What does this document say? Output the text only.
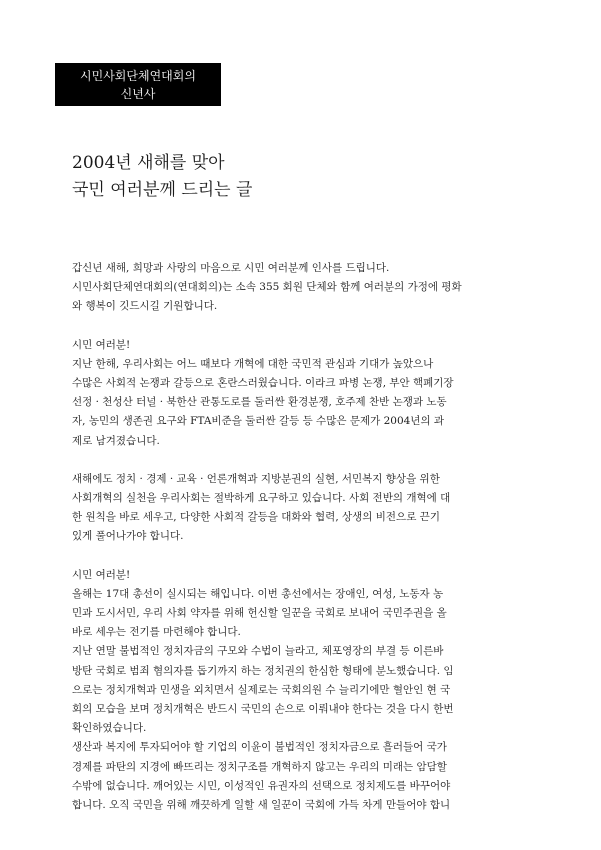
시민사회단체연대회의
신년사
2004년 새해를 맞아
국민 여러분께 드리는 글
갑신년 새해, 희망과 사랑의 마음으로 시민 여러분께 인사를 드립니다.
시민사회단체연대회의(연대회의)는 소속 355 회원 단체와 함께 여러분의 가정에 평화
와 행복이 깃드시길 기원합니다.
시민 여러분!
지난 한해, 우리사회는 어느 때보다 개혁에 대한 국민적 관심과 기대가 높았으나
수많은 사회적 논쟁과 갈등으로 혼란스러웠습니다. 이라크 파병 논쟁, 부안 핵폐기장
선정 · 천성산 터널 · 북한산 관통도로를 둘러싼 환경분쟁, 호주제 찬반 논쟁과 노동
자, 농민의 생존권 요구와 FTA비준을 둘러싼 갈등 등 수많은 문제가 2004년의 과
제로 남겨졌습니다.
새해에도 정치 · 경제 · 교육 · 언론개혁과 지방분권의 실현, 서민복지 향상을 위한
사회개혁의 실천을 우리사회는 절박하게 요구하고 있습니다. 사회 전반의 개혁에 대
한 원칙을 바로 세우고, 다양한 사회적 갈등을 대화와 협력, 상생의 비전으로 끈기
있게 풀어나가야 합니다.
시민 여러분!
올해는 17대 총선이 실시되는 해입니다. 이번 총선에서는 장애인, 여성, 노동자 농
민과 도시서민, 우리 사회 약자를 위해 헌신할 일꾼을 국회로 보내어 국민주권을 올
바로 세우는 전기를 마련해야 합니다.
지난 연말 불법적인 정치자금의 구모와 수법이 늘라고, 체포영장의 부결 등 이른바
방탄 국회로 범죄 혐의자를 돕기까지 하는 정치권의 한심한 형태에 분노했습니다. 임
으로는 정치개혁과 민생을 외치면서 실제로는 국회의원 수 늘리기에만 혈안인 현 국
회의 모습을 보며 정치개혁은 반드시 국민의 손으로 이뤄내야 한다는 것을 다시 한번
확인하였습니다.
생산과 복지에 투자되어야 할 기업의 이윤이 불법적인 정치자금으로 흘러들어 국가
경제를 파탄의 지경에 빠뜨리는 정치구조를 개혁하지 않고는 우리의 미래는 암담할
수밖에 없습니다. 깨어있는 시민, 이성적인 유권자의 선택으로 정치제도를 바꾸어야
합니다. 오직 국민을 위해 깨끗하게 일할 새 일꾼이 국회에 가득 차게 만들어야 합니
